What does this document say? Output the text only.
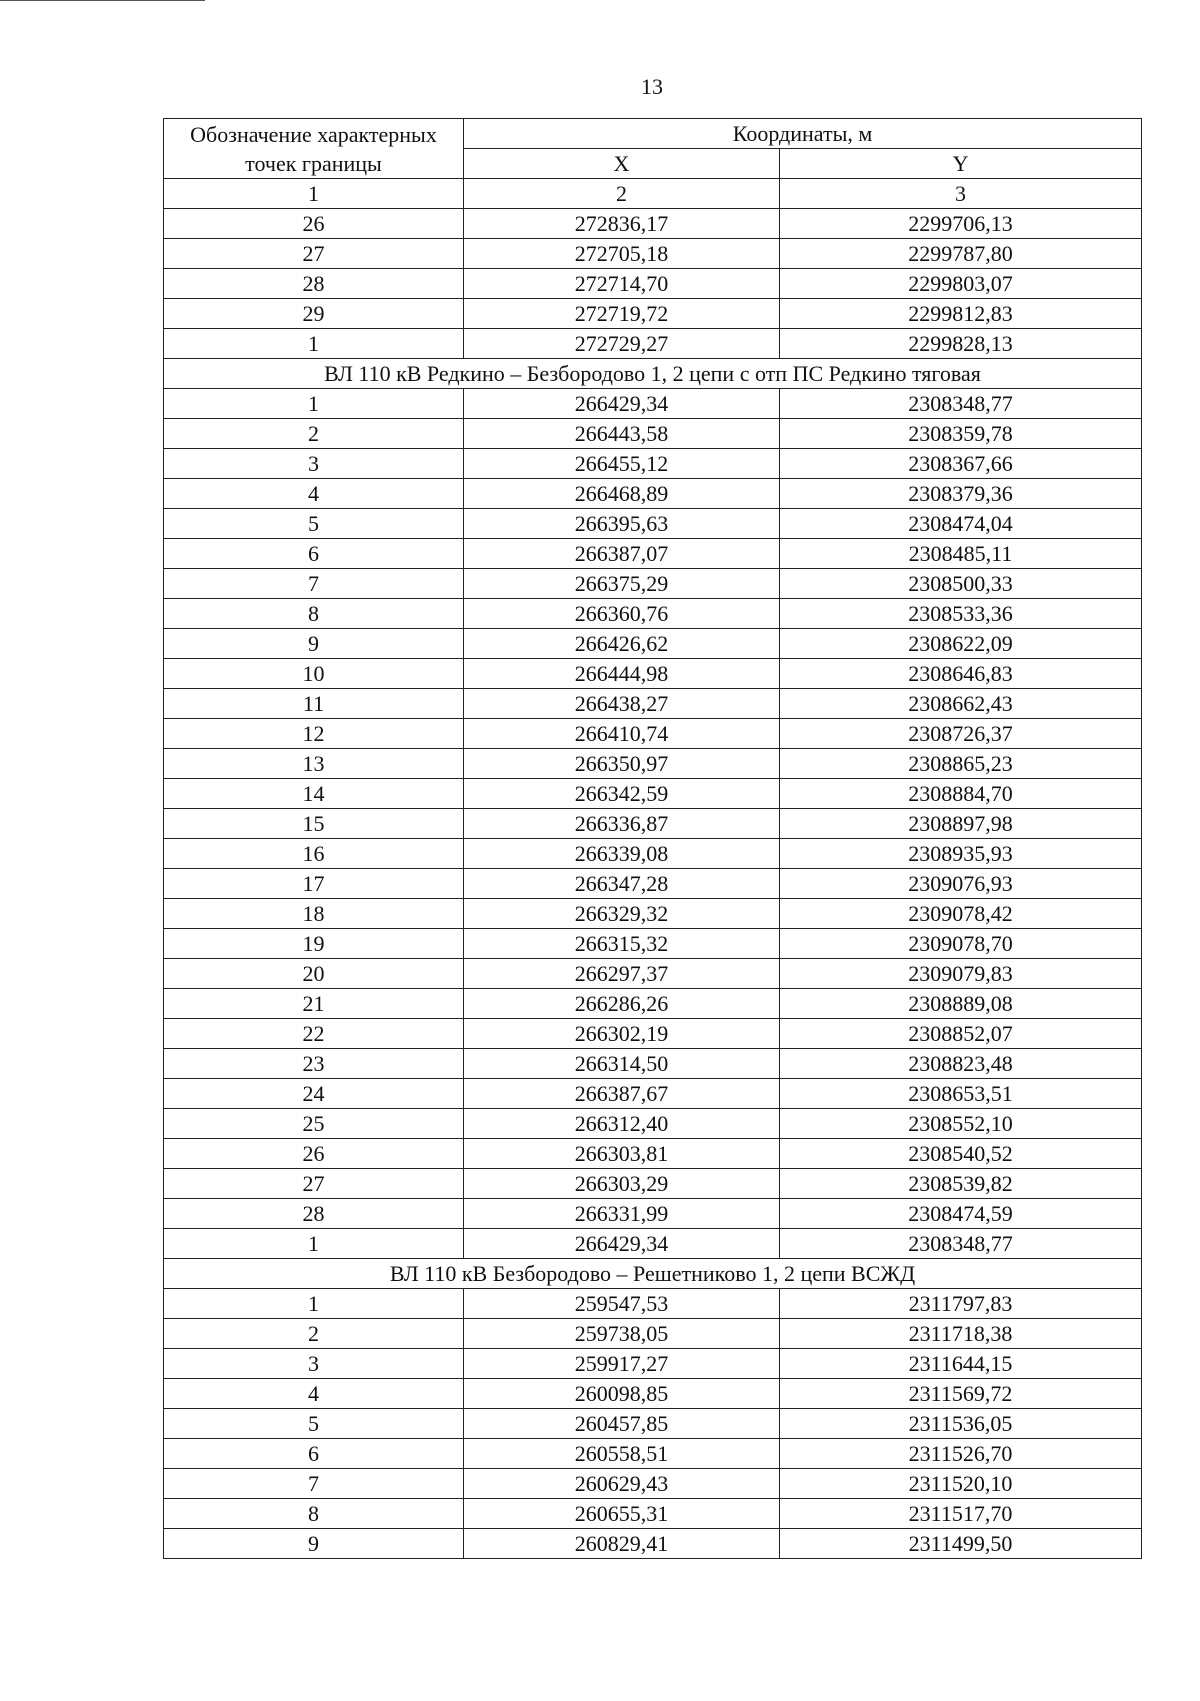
13
Обозначение характерных точек границы	Координаты, м	
	X	Y
1	2	3
26	272836,17	2299706,13
27	272705,18	2299787,80
28	272714,70	2299803,07
29	272719,72	2299812,83
1	272729,27	2299828,13
ВЛ 110 кВ Редкино – Безбородово 1, 2 цепи с отп ПС Редкино тяговая		
1	266429,34	2308348,77
2	266443,58	2308359,78
3	266455,12	2308367,66
4	266468,89	2308379,36
5	266395,63	2308474,04
6	266387,07	2308485,11
7	266375,29	2308500,33
8	266360,76	2308533,36
9	266426,62	2308622,09
10	266444,98	2308646,83
11	266438,27	2308662,43
12	266410,74	2308726,37
13	266350,97	2308865,23
14	266342,59	2308884,70
15	266336,87	2308897,98
16	266339,08	2308935,93
17	266347,28	2309076,93
18	266329,32	2309078,42
19	266315,32	2309078,70
20	266297,37	2309079,83
21	266286,26	2308889,08
22	266302,19	2308852,07
23	266314,50	2308823,48
24	266387,67	2308653,51
25	266312,40	2308552,10
26	266303,81	2308540,52
27	266303,29	2308539,82
28	266331,99	2308474,59
1	266429,34	2308348,77
ВЛ 110 кВ Безбородово – Решетниково 1, 2 цепи ВСЖД		
1	259547,53	2311797,83
2	259738,05	2311718,38
3	259917,27	2311644,15
4	260098,85	2311569,72
5	260457,85	2311536,05
6	260558,51	2311526,70
7	260629,43	2311520,10
8	260655,31	2311517,70
9	260829,41	2311499,50
